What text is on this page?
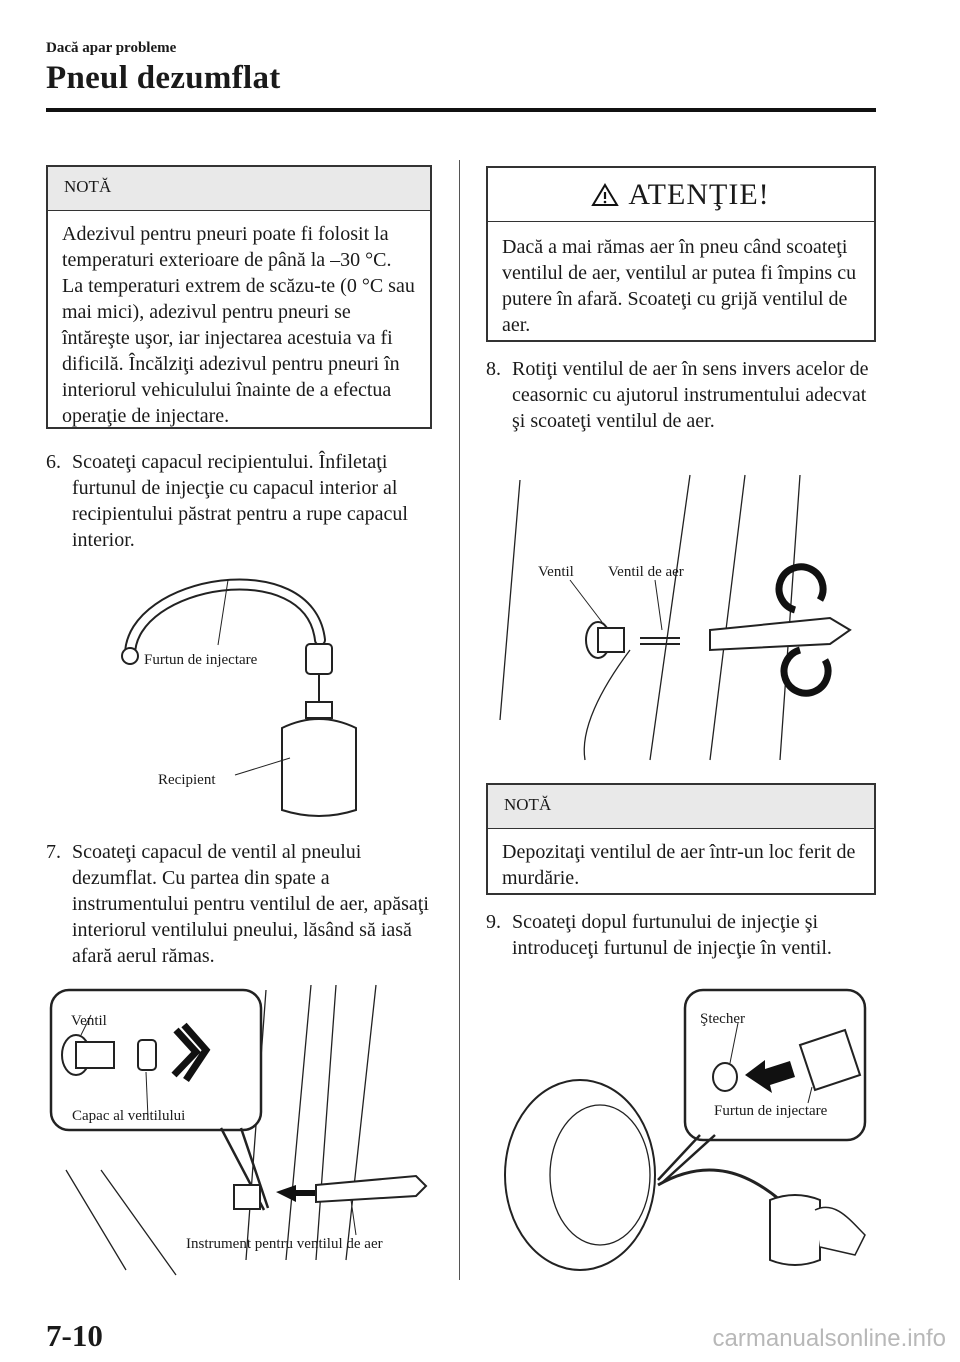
Dacă apar probleme
Pneul dezumflat
NOTĂ
Adezivul pentru pneuri poate fi folosit la temperaturi exterioare de până la –30 °C. La temperaturi extrem de scăzu-te (0 °C sau mai mici), adezivul pentru pneuri se întăreşte uşor, iar injectarea acestuia va fi dificilă. Încălziţi adezivul pentru pneuri în interiorul vehiculului înainte de a efectua operaţie de injectare.
6. Scoateţi capacul recipientului. Înfiletaţi furtunul de injecţie cu capacul interior al recipientului păstrat pentru a rupe capacul interior.
Furtun de injectare
Recipient
7. Scoateţi capacul de ventil al pneului dezumflat. Cu partea din spate a instrumentului pentru ventilul de aer, apăsaţi interiorul ventilului pneului, lăsând să iasă afară aerul rămas.
Ventil
Capac al ventilului
Instrument pentru ventilul de aer
ATENŢIE!
Dacă a mai rămas aer în pneu când scoateţi ventilul de aer, ventilul ar putea fi împins cu putere în afară. Scoateţi cu grijă ventilul de aer.
8. Rotiţi ventilul de aer în sens invers acelor de ceasornic cu ajutorul instrumentului adecvat şi scoateţi ventilul de aer.
Ventil Ventil de aer
NOTĂ
Depozitaţi ventilul de aer într-un loc ferit de murdărie.
9. Scoateţi dopul furtunului de injecţie şi introduceţi furtunul de injecţie în ventil.
Ştecher
Furtun de injectare
7-10	carmanualsonline.info
